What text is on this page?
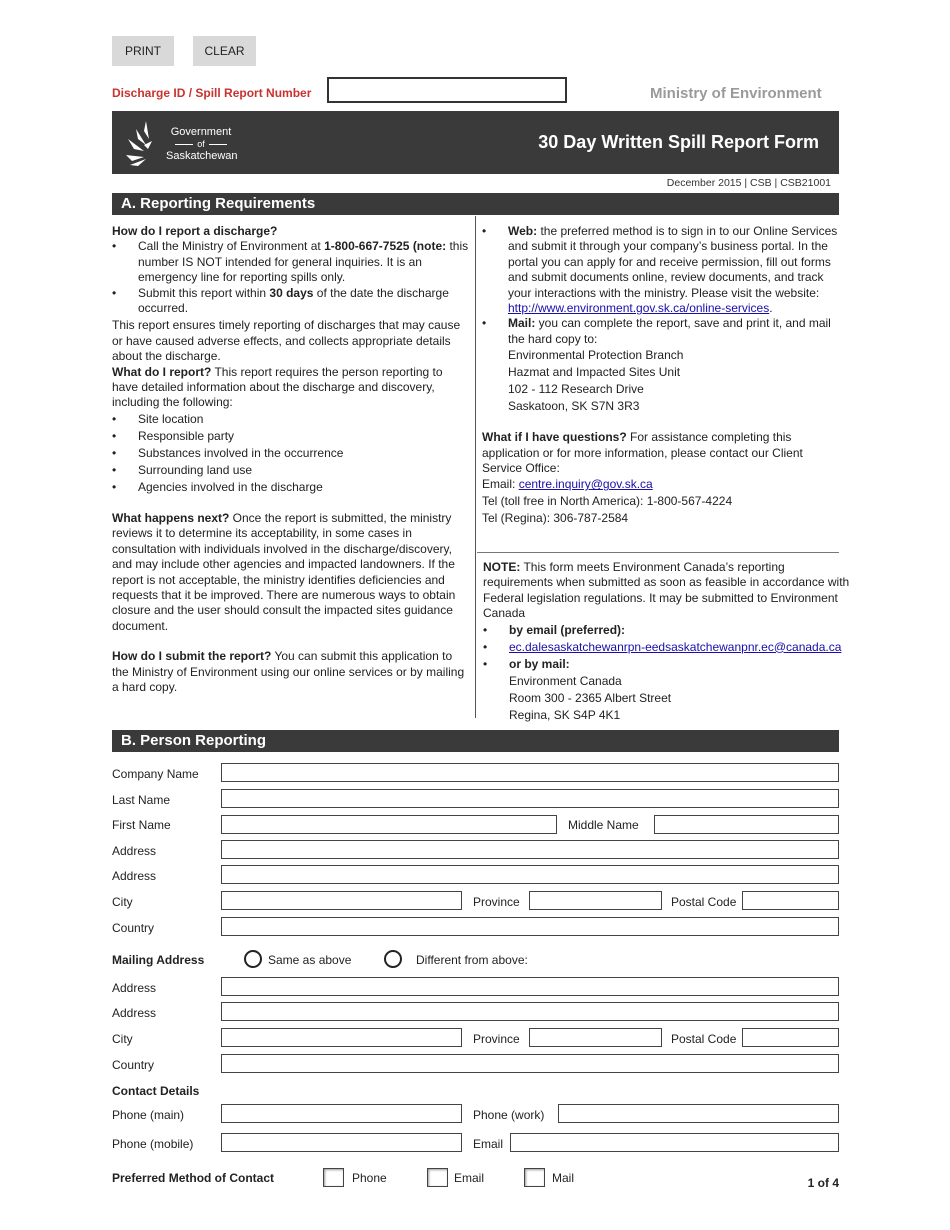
PRINT	CLEAR
Discharge ID / Spill Report Number	Ministry of Environment
Government
of
Saskatchewan
30 Day Written Spill Report Form
December 2015 | CSB | CSB21001
A. Reporting Requirements

How do I report a discharge?

• Call the Ministry of Environment at 1-800-667-7525 (note: this number IS NOT intended for general inquiries. It is an emergency line for reporting spills only.
• Submit this report within 30 days of the date the discharge occurred.

This report ensures timely reporting of discharges that may cause or have caused adverse effects, and collects appropriate details about the discharge.

What do I report? This report requires the person reporting to have detailed information about the discharge and discovery, including the following:

• Site location
• Responsible party
• Substances involved in the occurrence
• Surrounding land use
• Agencies involved in the discharge

What happens next? Once the report is submitted, the ministry reviews it to determine its acceptability, in some cases in consultation with individuals involved in the discharge/discovery, and may include other agencies and impacted landowners. If the report is not acceptable, the ministry identifies deficiencies and requests that it be improved. There are numerous ways to obtain closure and the user should consult the impacted sites guidance document.

How do I submit the report? You can submit this application to the Ministry of Environment using our online services or by mailing a hard copy.

• Web: the preferred method is to sign in to our Online Services and submit it through your company’s business portal. In the portal you can apply for and receive permission, fill out forms and submit documents online, review documents, and track your interactions with the ministry. Please visit the website:
http://www.environment.gov.sk.ca/online-services.
• Mail: you can complete the report, save and print it, and mail the hard copy to:
Environmental Protection Branch
Hazmat and Impacted Sites Unit
102 - 112 Research Drive
Saskatoon, SK S7N 3R3

What if I have questions? For assistance completing this application or for more information, please contact our Client Service Office:

Email: centre.inquiry@gov.sk.ca

Tel (toll free in North America): 1-800-567-4224

Tel (Regina): 306-787-2584

NOTE: This form meets Environment Canada’s reporting requirements when submitted as soon as feasible in accordance with Federal legislation regulations. It may be submitted to Environment Canada

• by email (preferred):
• ec.dalesaskatchewanrpn-eedsaskatchewanpnr.ec@canada.ca
• or by mail:
Environment Canada
Room 300 - 2365 Albert Street
Regina, SK S4P 4K1
B. Person Reporting
Company Name
Last Name
First Name	Middle Name
Address
Address
City	Province	Postal Code
Country
Mailing Address	Same as above	Different from above:
Address
Address
City	Province	Postal Code
Country
Contact Details
Phone (main)	Phone (work)
Phone (mobile)	Email
Preferred Method of Contact	Phone	Email	Mail	1 of 4
